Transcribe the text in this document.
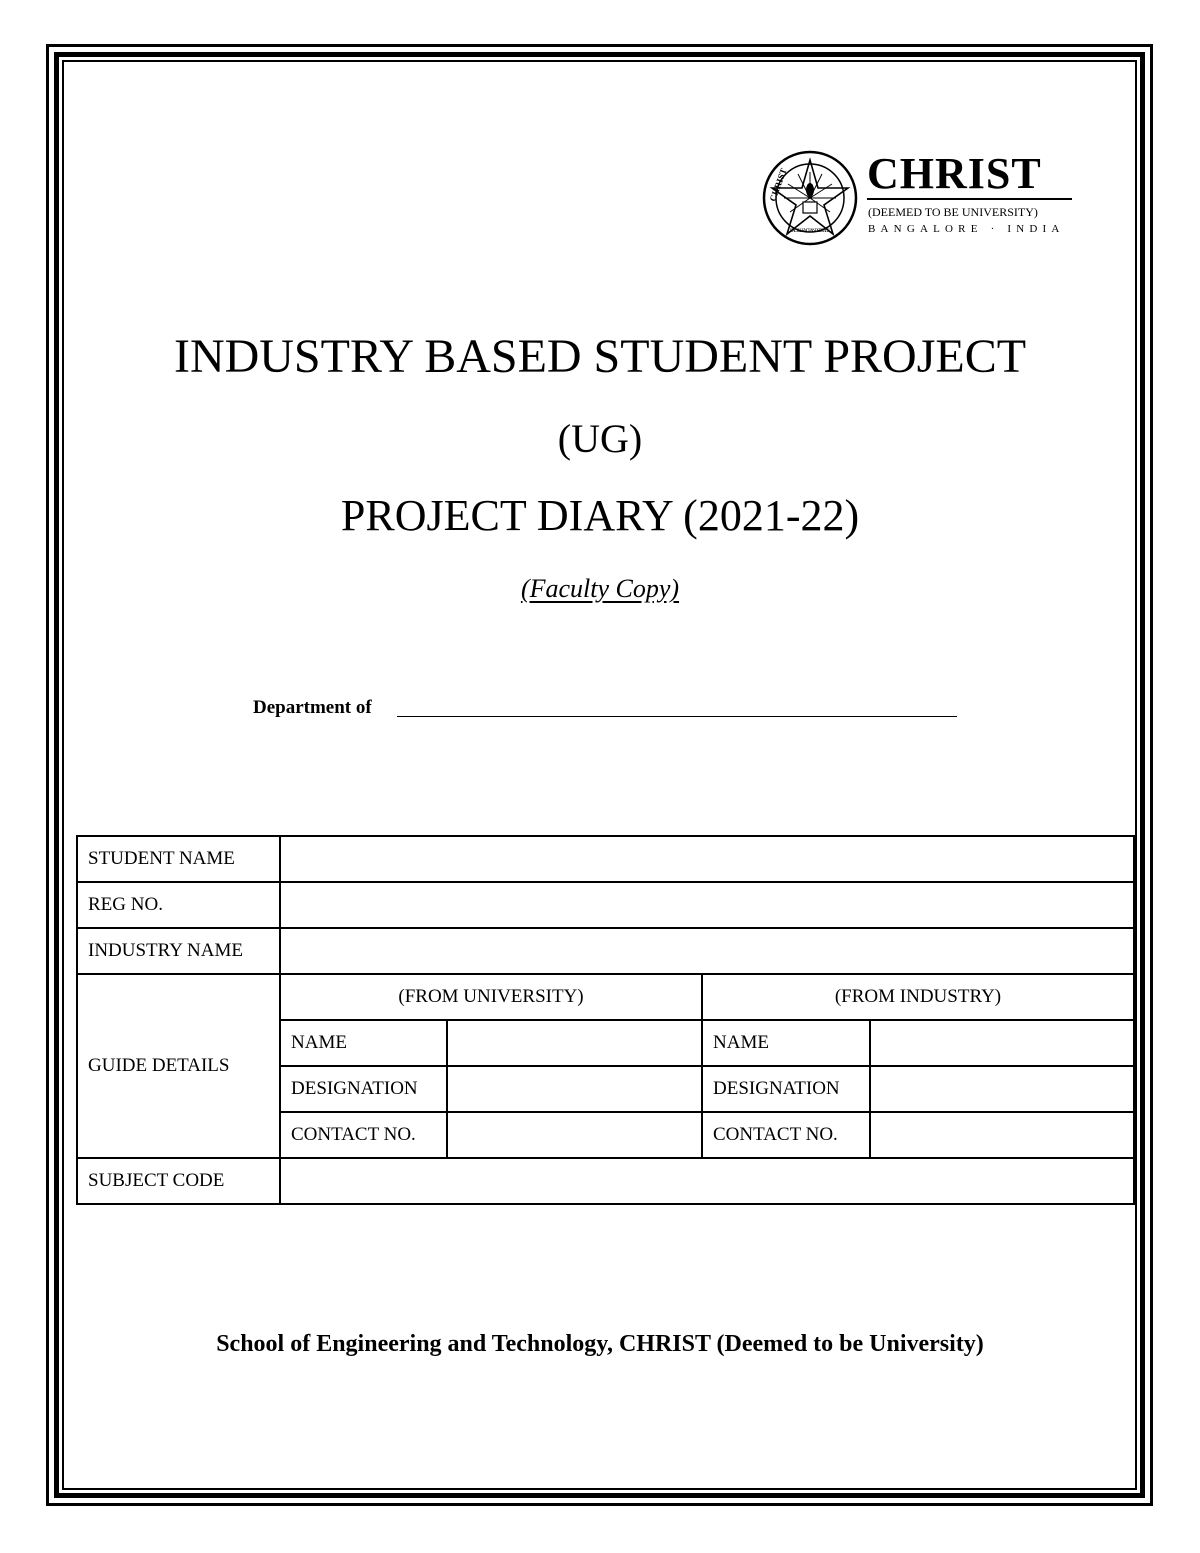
CHRIST
EXCELLENCE AND SERVICE
CHRIST
(DEEMED TO BE UNIVERSITY)
BANGALORE · INDIA
INDUSTRY BASED STUDENT PROJECT
(UG)
PROJECT DIARY (2021-22)
(Faculty Copy)
Department of
STUDENT NAME				
REG NO.				
INDUSTRY NAME				
GUIDE DETAILS	(FROM UNIVERSITY)		(FROM INDUSTRY)	
	NAME		NAME	
	DESIGNATION		DESIGNATION	
	CONTACT NO.		CONTACT NO.	
SUBJECT CODE				
School of Engineering and Technology, CHRIST (Deemed to be University)
